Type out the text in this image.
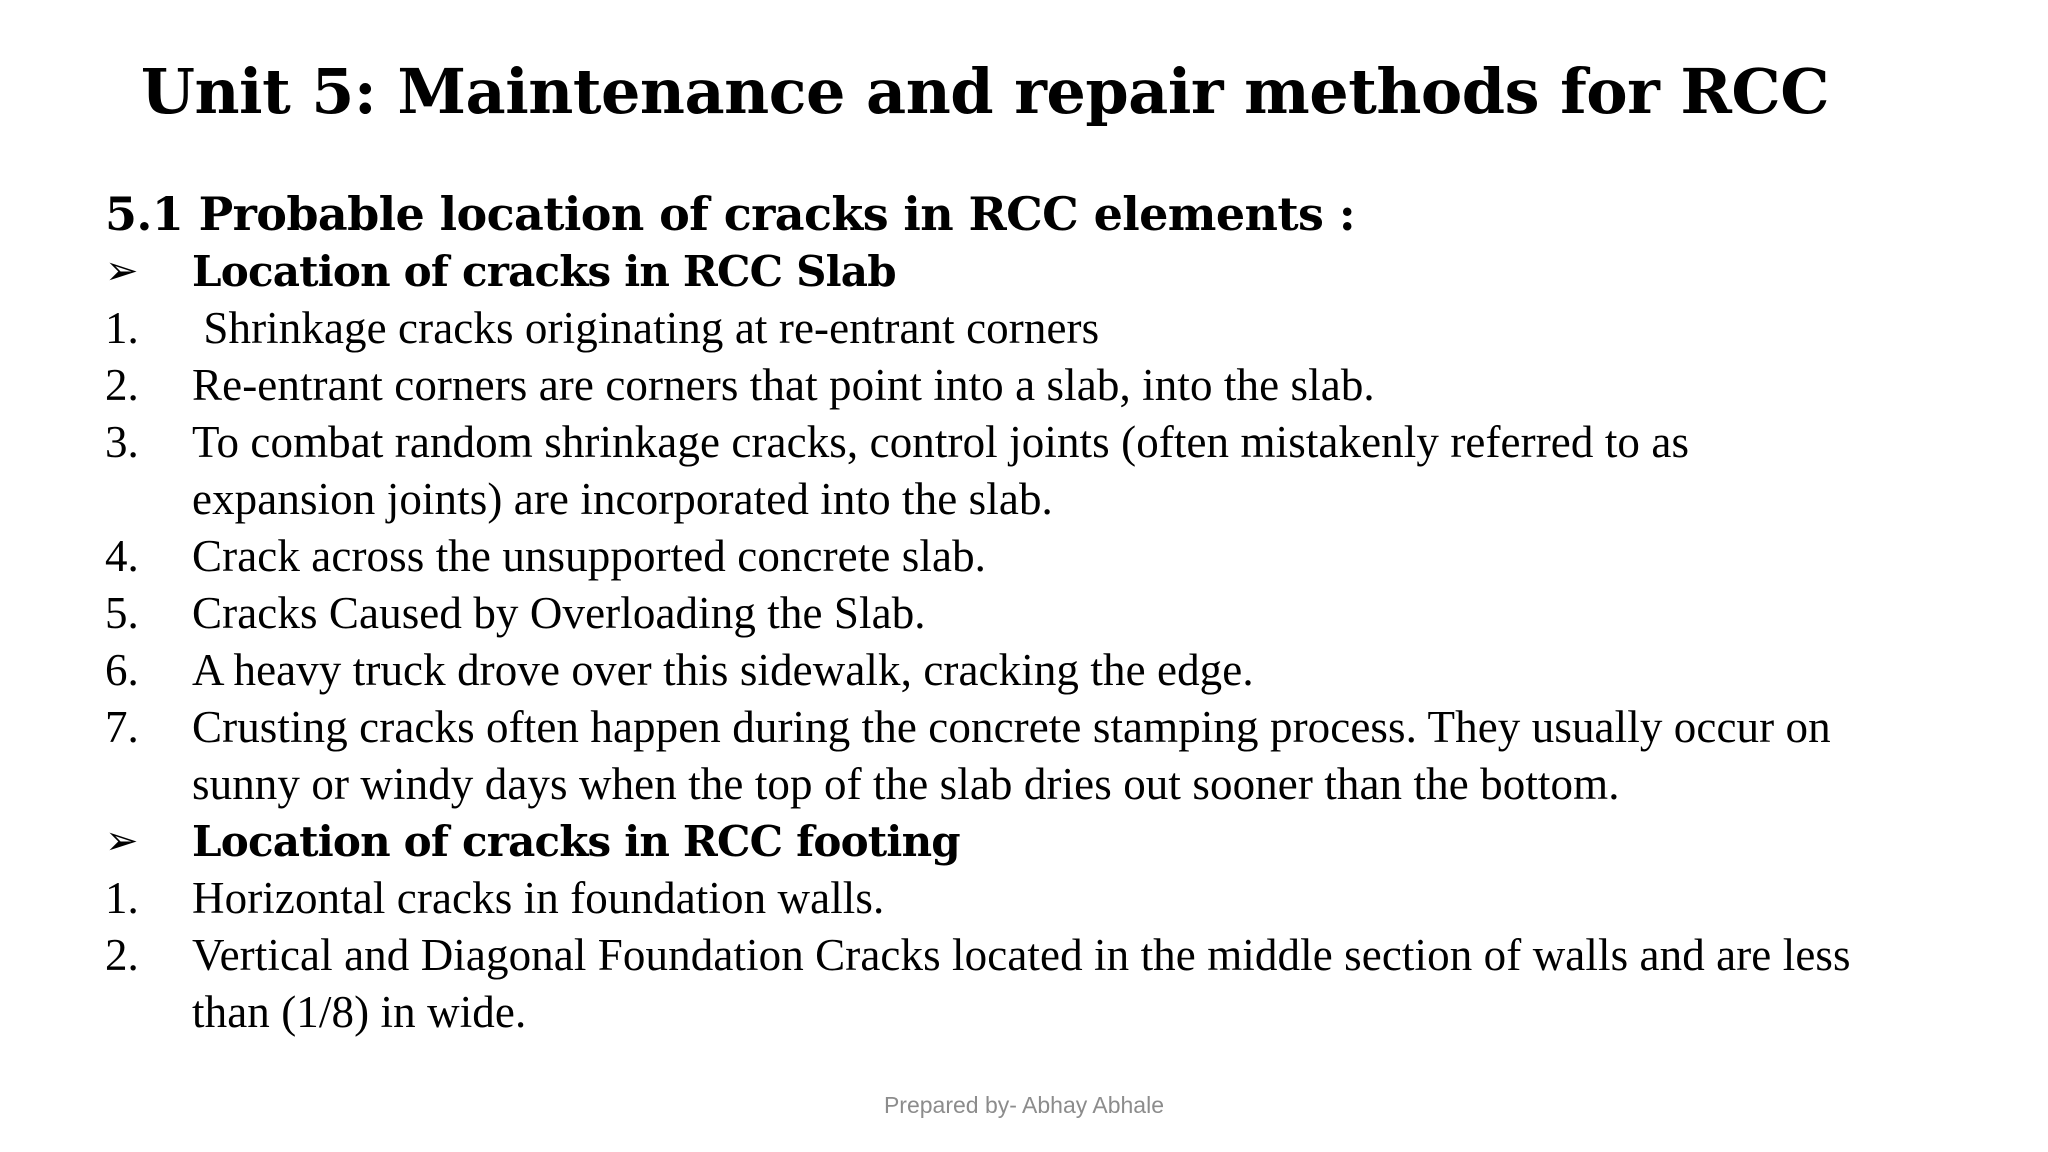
Unit 5: Maintenance and repair methods for RCC
5.1 Probable location of cracks in RCC elements :
➢ Location of cracks in RCC Slab
1. Shrinkage cracks originating at re-entrant corners
2. Re-entrant corners are corners that point into a slab, into the slab.
3. To combat random shrinkage cracks, control joints (often mistakenly referred to as
expansion joints) are incorporated into the slab.
4. Crack across the unsupported concrete slab.
5. Cracks Caused by Overloading the Slab.
6. A heavy truck drove over this sidewalk, cracking the edge.
7. Crusting cracks often happen during the concrete stamping process. They usually occur on
sunny or windy days when the top of the slab dries out sooner than the bottom.
➢ Location of cracks in RCC footing
1. Horizontal cracks in foundation walls.
2. Vertical and Diagonal Foundation Cracks located in the middle section of walls and are less
than (1/8) in wide.
Prepared by- Abhay Abhale
